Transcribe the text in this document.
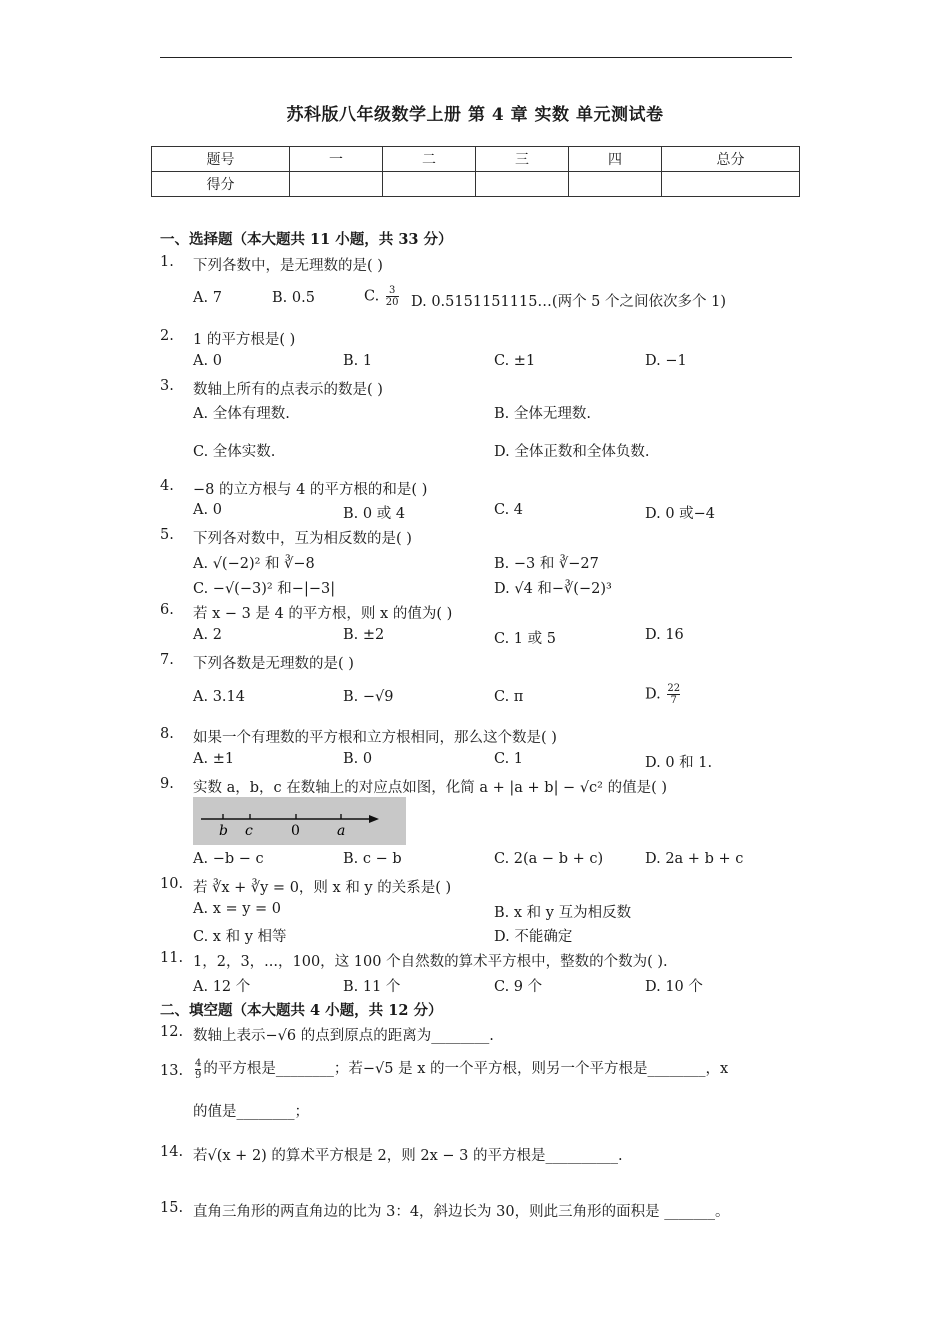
苏科版八年级数学上册 第 4 章 实数 单元测试卷
题号	一	二	三	四	总分
得分					
一、选择题（本大题共 11 小题，共 33 分）
1. 下列各数中，是无理数的是( )
A. 7	B. 0.5	C. $\frac{3}{20} D$. 0.5151151115…(两个 5 个之间依次多个 1)
2. 1 的平方根是( )
A. 0	B. 1	C. ±1	D. −1
3. 数轴上所有的点表示的数是( )
A. 全体有理数.	B. 全体无理数.
C. 全体实数.	D. 全体正数和全体负数.
4. −8 的立方根与 4 的平方根的和是( )
A. 0	B. 0 或 4	C. 4	D. 0 或−4
5. 下列各对数中，互为相反数的是( )
A. √(−2)² 和 ∛−8	B. −3 和 ∛−27
C. −√(−3)² 和−|−3|	D. √4 和−∛(−2)³
6. 若 x − 3 是 4 的平方根，则 x 的值为( )
A. 2	B. ±2	C. 1 或 5	D. 16
7. 下列各数是无理数的是( )
A. 3.14	B. −√9	C. π	D. $\frac{22}{7}$
8. 如果一个有理数的平方根和立方根相同，那么这个数是( )
A. ±1	B. 0	C. 1	D. 0 和 1.
9. 实数 a，b，c 在数轴上的对应点如图，化简 a + |a + b| − √c² 的值是( )
b c	0	a
A. −b − c	B. c − b	C. 2(a − b + c)	D. 2a + b + c
10. 若 ∛x + ∛y = 0，则 x 和 y 的关系是( )
A. x = y = 0	B. x 和 y 互为相反数
C. x 和 y 相等	D. 不能确定
11. 1，2，3，...，100，这 100 个自然数的算术平方根中，整数的个数为( ).
A. 12 个	B. 11 个	C. 9 个	D. 10 个
二、填空题（本大题共 4 小题，共 12 分）
12. 数轴上表示−√6 的点到原点的距离为________.
13. $\frac{4}{9}$ 的平方根是________；若−√5 是 x 的一个平方根，则另一个平方根是________，x
的值是________；
14. 若√(x + 2) 的算术平方根是 2，则 2x − 3 的平方根是__________.
15. 直角三角形的两直角边的比为 3：4，斜边长为 30，则此三角形的面积是 _______。
